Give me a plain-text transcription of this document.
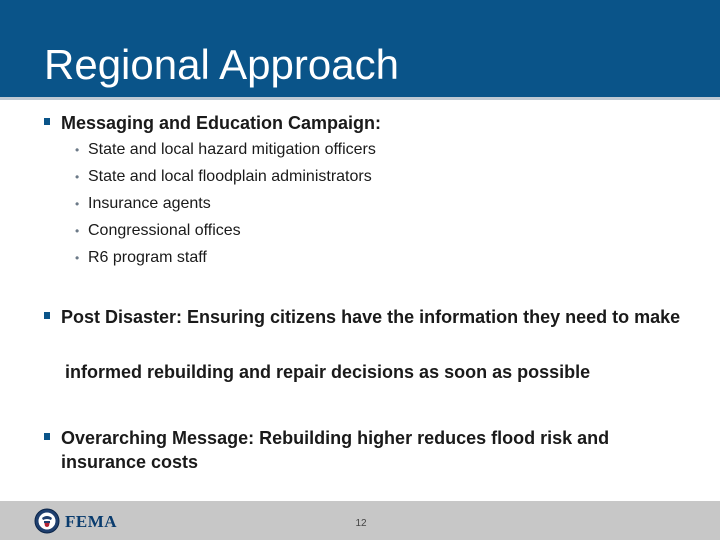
Regional Approach
Messaging and Education Campaign:
• State and local hazard mitigation officers
• State and local floodplain administrators
• Insurance agents
• Congressional offices
• R6 program staff
Post Disaster: Ensuring citizens have the information they need to make
informed rebuilding and repair decisions as soon as possible
Overarching Message: Rebuilding higher reduces flood risk and insurance costs
FEMA	12
